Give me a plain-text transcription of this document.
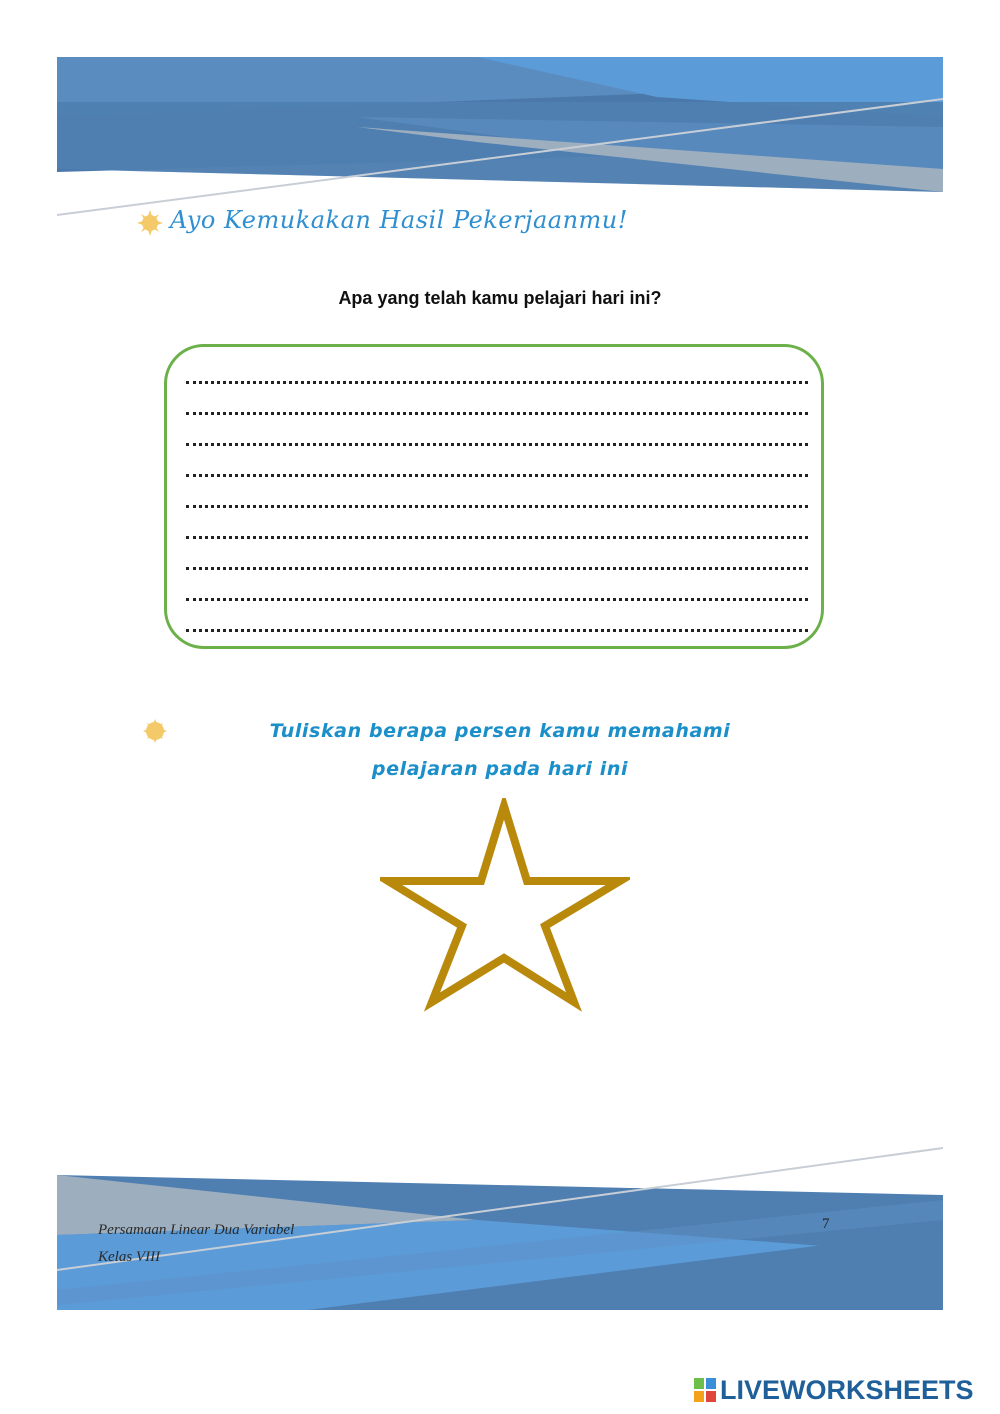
Ayo Kemukakan Hasil Pekerjaanmu!
Apa yang telah kamu pelajari hari ini?
Tuliskan berapa persen kamu memahami
pelajaran pada hari ini
Persamaan Linear Dua Variabel
Kelas VIII
7
LIVEWORKSHEETS
